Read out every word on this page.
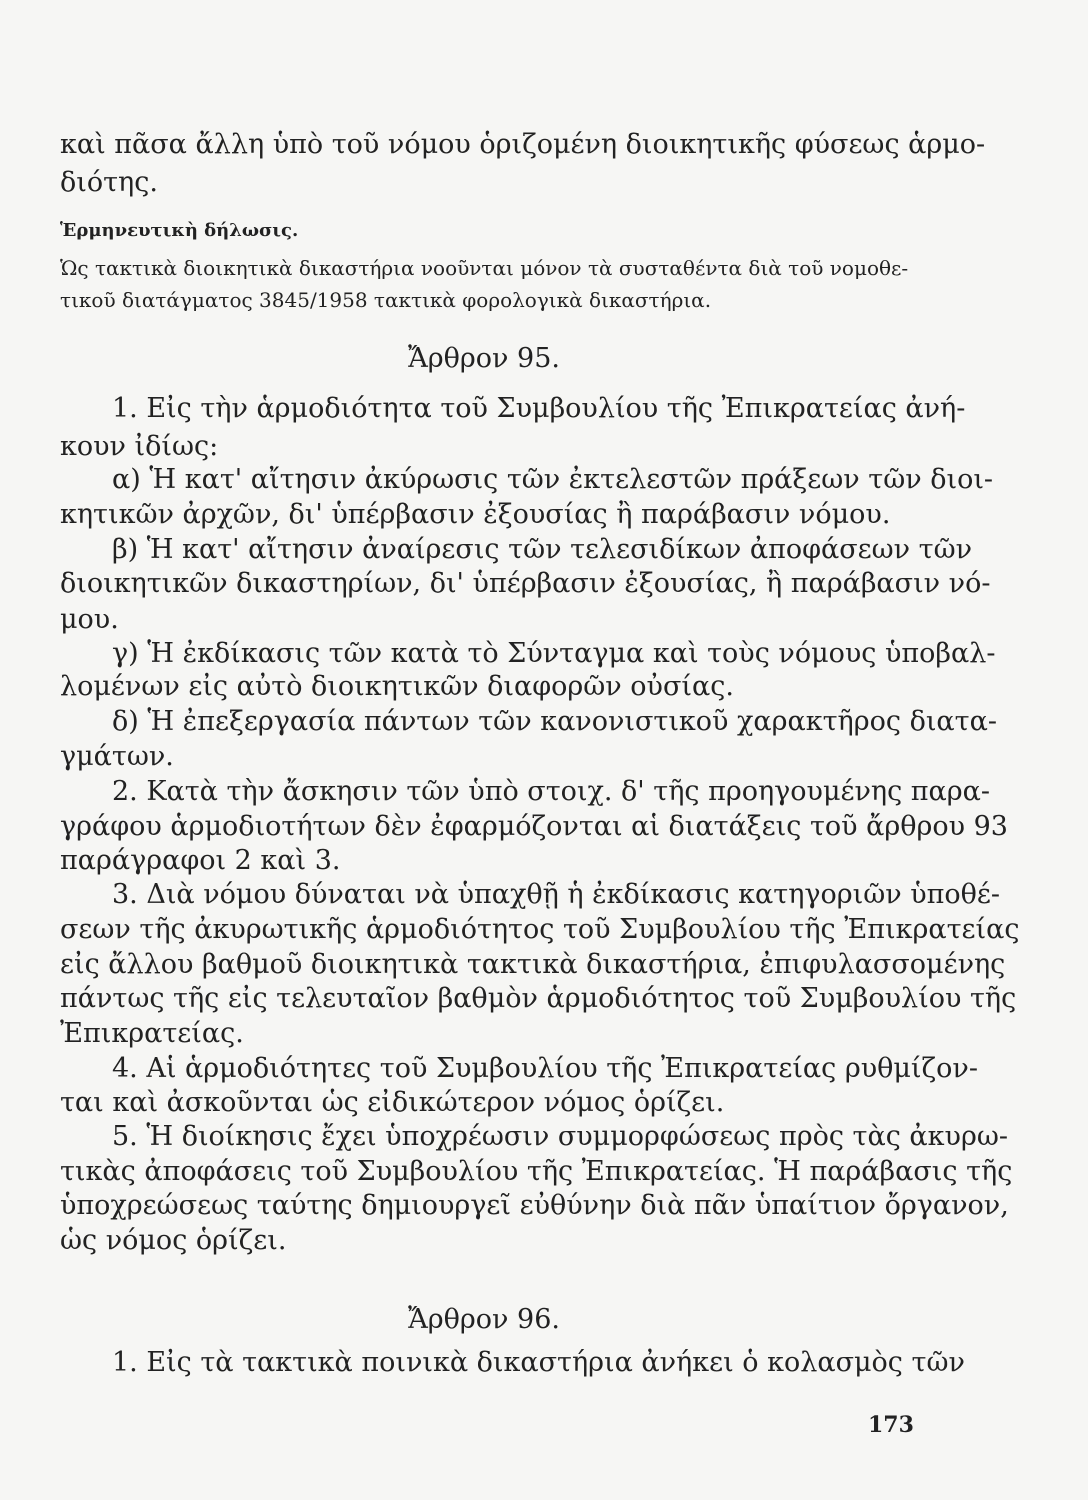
καὶ πᾶσα ἄλλη ὑπὸ τοῦ νόμου ὁριζομένη διοικητικῆς φύσεως ἁρμο-
διότης.
Ἑρμηνευτικὴ δήλωσις.
Ὡς τακτικὰ διοικητικὰ δικαστήρια νοοῦνται μόνον τὰ συσταθέντα διὰ τοῦ νομοθε-
τικοῦ διατάγματος 3845/1958 τακτικὰ φορολογικὰ δικαστήρια.
Ἄρθρον 95.
1. Εἰς τὴν ἁρμοδιότητα τοῦ Συμβουλίου τῆς Ἐπικρατείας ἀνή-
κουν ἰδίως:
α) Ἡ κατ' αἴτησιν ἀκύρωσις τῶν ἐκτελεστῶν πράξεων τῶν διοι-
κητικῶν ἀρχῶν, δι' ὑπέρβασιν ἐξουσίας ἢ παράβασιν νόμου.
β) Ἡ κατ' αἴτησιν ἀναίρεσις τῶν τελεσιδίκων ἀποφάσεων τῶν
διοικητικῶν δικαστηρίων, δι' ὑπέρβασιν ἐξουσίας, ἢ παράβασιν νό-
μου.
γ) Ἡ ἐκδίκασις τῶν κατὰ τὸ Σύνταγμα καὶ τοὺς νόμους ὑποβαλ-
λομένων εἰς αὐτὸ διοικητικῶν διαφορῶν οὐσίας.
δ) Ἡ ἐπεξεργασία πάντων τῶν κανονιστικοῦ χαρακτῆρος διατα-
γμάτων.
2. Κατὰ τὴν ἄσκησιν τῶν ὑπὸ στοιχ. δ' τῆς προηγουμένης παρα-
γράφου ἁρμοδιοτήτων δὲν ἐφαρμόζονται αἱ διατάξεις τοῦ ἄρθρου 93
παράγραφοι 2 καὶ 3.
3. Διὰ νόμου δύναται νὰ ὑπαχθῇ ἡ ἐκδίκασις κατηγοριῶν ὑποθέ-
σεων τῆς ἀκυρωτικῆς ἁρμοδιότητος τοῦ Συμβουλίου τῆς Ἐπικρατείας
εἰς ἄλλου βαθμοῦ διοικητικὰ τακτικὰ δικαστήρια, ἐπιφυλασσομένης
πάντως τῆς εἰς τελευταῖον βαθμὸν ἁρμοδιότητος τοῦ Συμβουλίου τῆς
Ἐπικρατείας.
4. Αἱ ἁρμοδιότητες τοῦ Συμβουλίου τῆς Ἐπικρατείας ρυθμίζον-
ται καὶ ἀσκοῦνται ὡς εἰδικώτερον νόμος ὁρίζει.
5. Ἡ διοίκησις ἔχει ὑποχρέωσιν συμμορφώσεως πρὸς τὰς ἀκυρω-
τικὰς ἀποφάσεις τοῦ Συμβουλίου τῆς Ἐπικρατείας. Ἡ παράβασις τῆς
ὑποχρεώσεως ταύτης δημιουργεῖ εὐθύνην διὰ πᾶν ὑπαίτιον ὄργανον,
ὡς νόμος ὁρίζει.
Ἄρθρον 96.
1. Εἰς τὰ τακτικὰ ποινικὰ δικαστήρια ἀνήκει ὁ κολασμὸς τῶν
173
